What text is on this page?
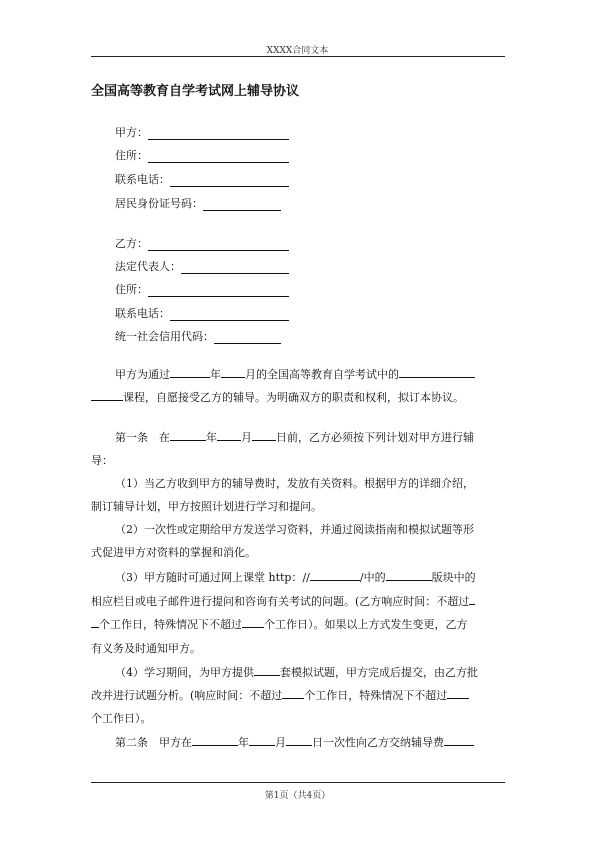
XXXX合同文本
全国高等教育自学考试网上辅导协议
甲方：
住所：
联系电话：
居民身份证号码：
乙方：
法定代表人：
住所：
联系电话：
统一社会信用代码：
甲方为通过	年 月的全国高等教育自学考试中的
课程，自愿接受乙方的辅导。为明确双方的职责和权利，拟订本协议。
第一条　在	年 月 日前，乙方必须按下列计划对甲方进行辅
导：
（1）当乙方收到甲方的辅导费时，发放有关资料。根据甲方的详细介绍，
制订辅导计划，甲方按照计划进行学习和提问。
（2）一次性或定期给甲方发送学习资料，并通过阅读指南和模拟试题等形
式促进甲方对资料的掌握和消化。
（3）甲方随时可通过网上课堂 http：//	/中的	版块中的
相应栏目或电子邮件进行提问和咨询有关考试的问题。(乙方响应时间：不超过
个工作日，特殊情况下不超过 个工作日）。如果以上方式发生变更，乙方
有义务及时通知甲方。
（4）学习期间，为甲方提供 套模拟试题，甲方完成后提交，由乙方批
改并进行试题分析。(响应时间：不超过 个工作日，特殊情况下不超过
个工作日）。
第二条　甲方在	年 月 日一次性向乙方交纳辅导费
第1页（共4页）
